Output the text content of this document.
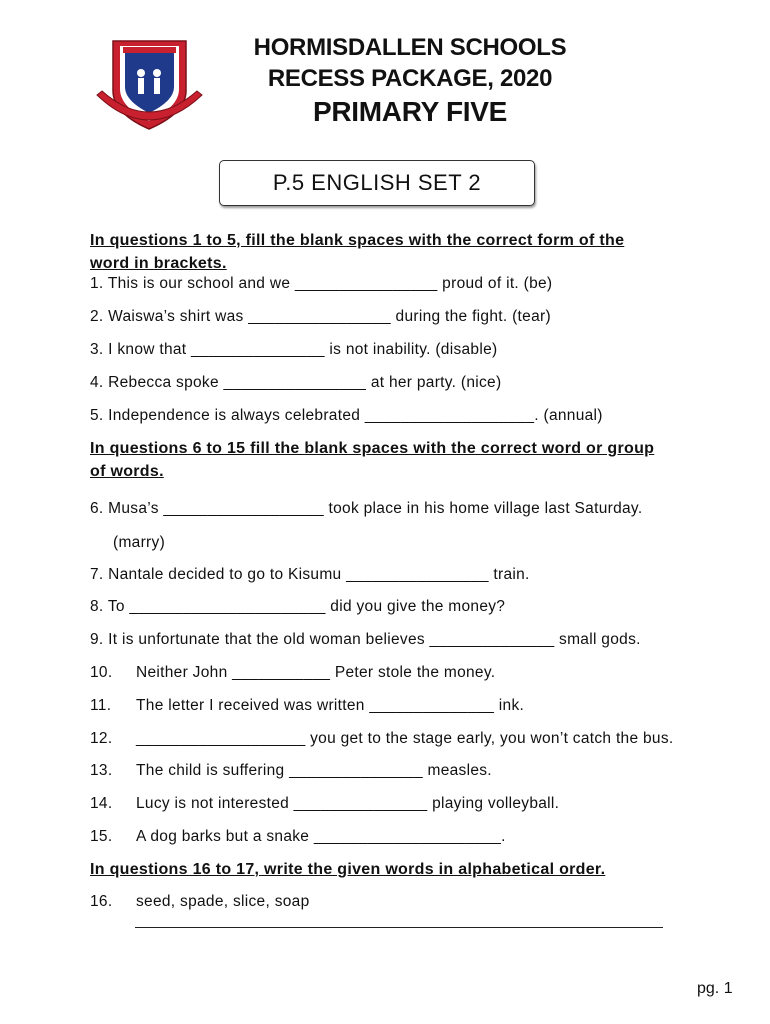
HORMISDALLEN SCHOOLS
RECESS PACKAGE, 2020
PRIMARY FIVE
P.5 ENGLISH SET 2
In questions 1 to 5, fill the blank spaces with the correct form of the
word in brackets.
1. This is our school and we ________________ proud of it. (be)
2. Waiswa’s shirt was ________________ during the fight. (tear)
3. I know that _______________ is not inability. (disable)
4. Rebecca spoke ________________ at her party. (nice)
5. Independence is always celebrated ___________________. (annual)
In questions 6 to 15 fill the blank spaces with the correct word or group
of words.
6. Musa’s __________________ took place in his home village last Saturday.
(marry)
7. Nantale decided to go to Kisumu ________________ train.
8. To ______________________ did you give the money?
9. It is unfortunate that the old woman believes ______________ small gods.
10. Neither John ___________ Peter stole the money.
11. The letter I received was written ______________ ink.
12. ___________________ you get to the stage early, you won’t catch the bus.
13. The child is suffering _______________ measles.
14. Lucy is not interested _______________ playing volleyball.
15. A dog barks but a snake _____________________.
In questions 16 to 17, write the given words in alphabetical order.
16. seed, spade, slice, soap
pg. 1
